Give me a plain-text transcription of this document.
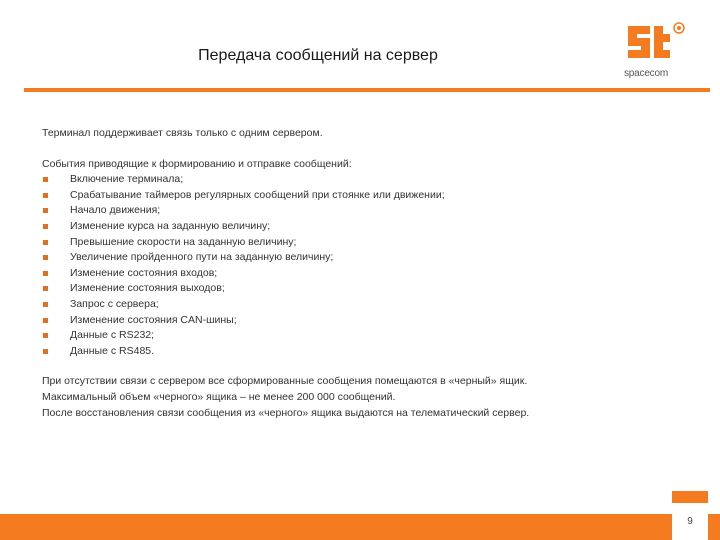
Передача сообщений на сервер
spacecom

Терминал поддерживает связь только с одним сервером.

События приводящие к формированию и отправке сообщений:

Включение терминала;
Срабатывание таймеров регулярных сообщений при стоянке или движении;
Начало движения;
Изменение курса на заданную величину;
Превышение скорости на заданную величину;
Увеличение пройденного пути на заданную величину;
Изменение состояния входов;
Изменение состояния выходов;
Запрос с сервера;
Изменение состояния CAN-шины;
Данные с RS232;
Данные с RS485.

При отсутствии связи с сервером все сформированные сообщения помещаются в «черный» ящик.

Максимальный объем «черного» ящика – не менее 200 000 сообщений.

После восстановления связи сообщения из «черного» ящика выдаются на телематический сервер.

9
